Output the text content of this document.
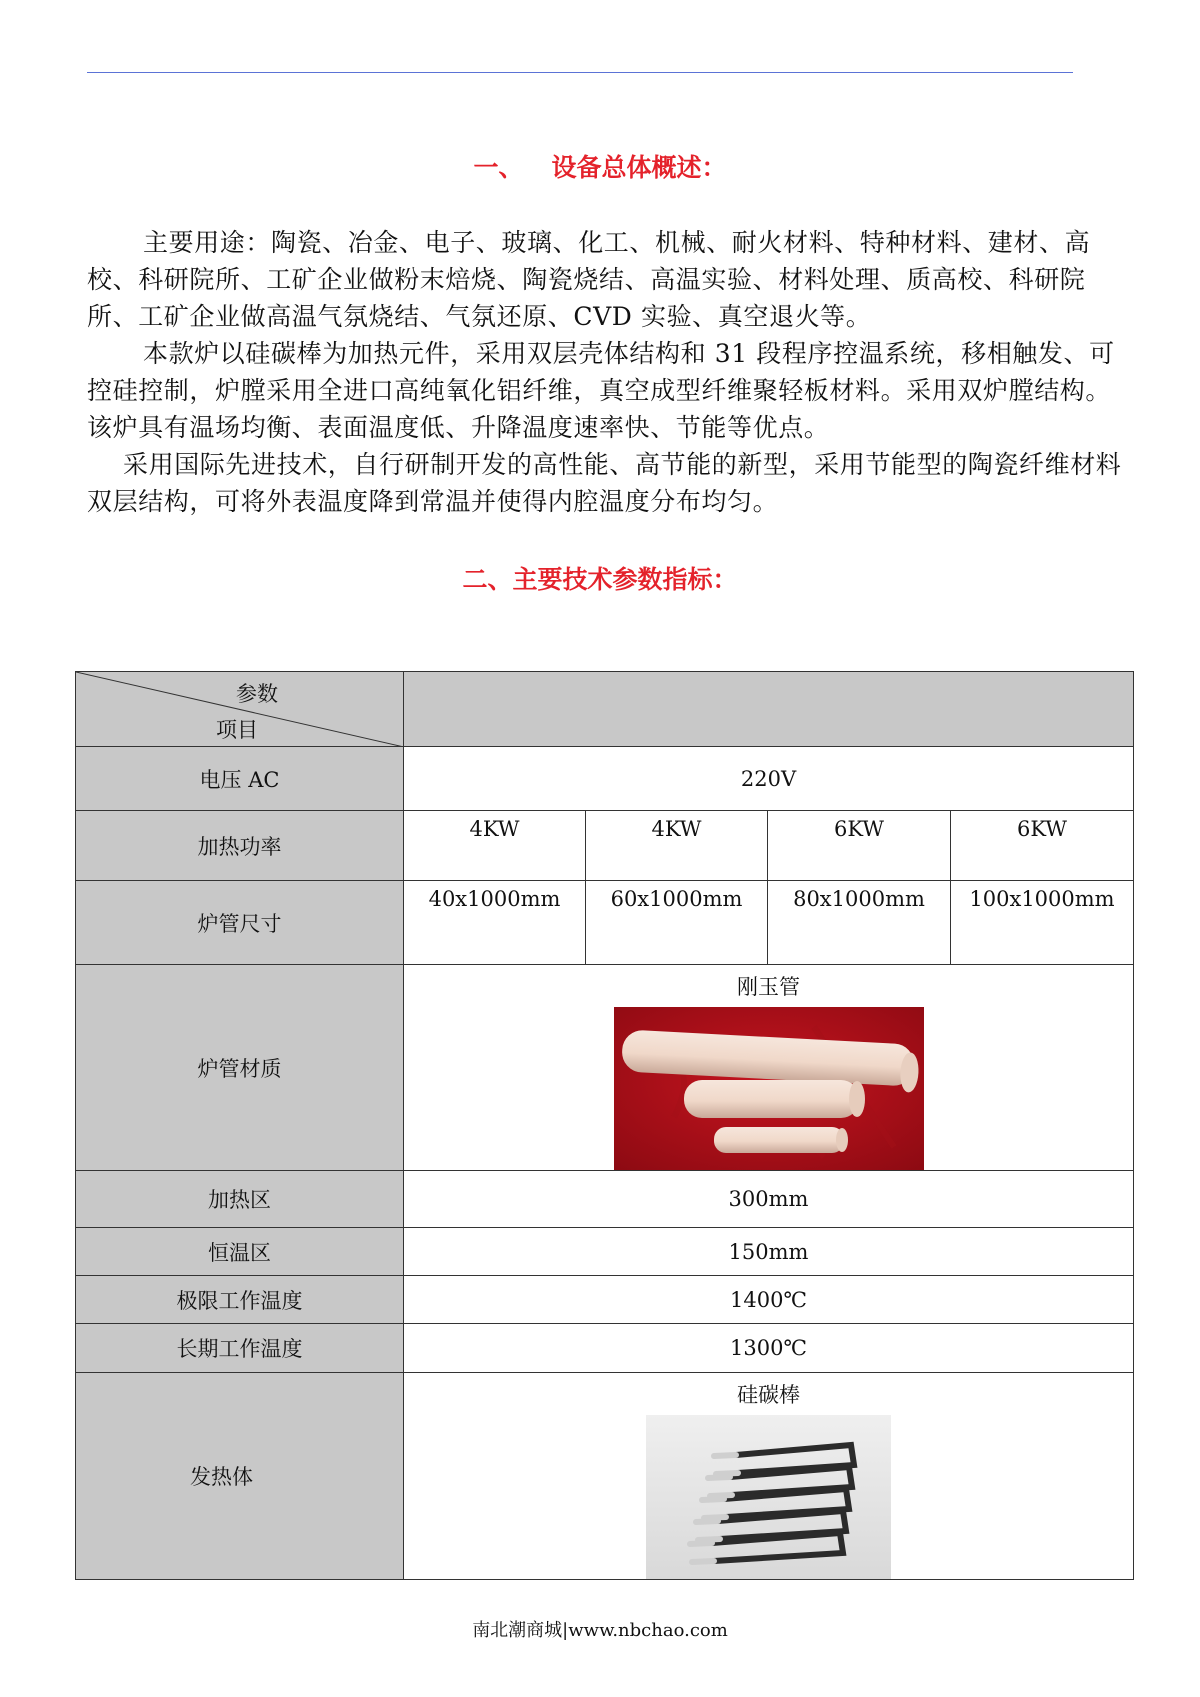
一、 设备总体概述：

主要用途：陶瓷、冶金、电子、玻璃、化工、机械、耐火材料、特种材料、建材、高校、科研院所、工矿企业做粉末焙烧、陶瓷烧结、高温实验、材料处理、质高校、科研院所、工矿企业做高温气氛烧结、气氛还原、CVD 实验、真空退火等。

本款炉以硅碳棒为加热元件，采用双层壳体结构和 31 段程序控温系统，移相触发、可控硅控制，炉膛采用全进口高纯氧化铝纤维，真空成型纤维聚轻板材料。采用双炉膛结构。该炉具有温场均衡、表面温度低、升降温度速率快、节能等优点。

采用国际先进技术，自行研制开发的高性能、高节能的新型，采用节能型的陶瓷纤维材料　双层结构，可将外表温度降到常温并使得内腔温度分布均匀。

二、主要技术参数指标：
参数
项目				

电压 AC	220V			
加热功率	4KW	4KW	6KW	6KW
炉管尺寸	40x1000mm	60x1000mm	80x1000mm	100x1000mm
炉管材质	刚玉管			

加热区	300mm			
恒温区	150mm			
极限工作温度	1400℃			
长期工作温度	1300℃			
发热体	硅碳棒			
南北潮商城|www.nbchao.com
